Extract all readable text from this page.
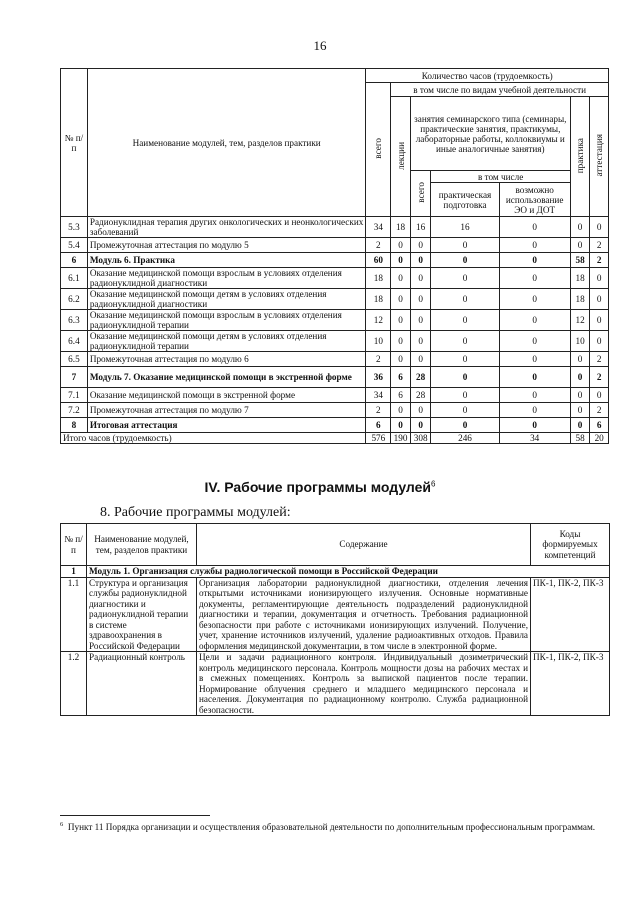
16
№ п/п	Наименование модулей, тем, разделов практики	Количество часов (трудоемкость)						
		всего	в том числе по видам учебной деятельности					
			лекции	занятия семинарского типа (семинары, практические занятия, практикумы, лабораторные работы, коллоквиумы и иные аналогичные занятия)			практика	аттестация
				всего	в том числе			
					практическая подготовка	возможно использование ЭО и ДОТ		
5.3	Радионуклидная терапия других онкологических и неонкологических заболеваний	34	18	16	16	0	0	0
5.4	Промежуточная аттестация по модулю 5	2	0	0	0	0	0	2
6	Модуль 6. Практика	60	0	0	0	0	58	2
6.1	Оказание медицинской помощи взрослым в условиях отделения радионуклидной диагностики	18	0	0	0	0	18	0
6.2	Оказание медицинской помощи детям в условиях отделения радионуклидной диагностики	18	0	0	0	0	18	0
6.3	Оказание медицинской помощи взрослым в условиях отделения радионуклидной терапии	12	0	0	0	0	12	0
6.4	Оказание медицинской помощи детям в условиях отделения радионуклидной терапии	10	0	0	0	0	10	0
6.5	Промежуточная аттестация по модулю 6	2	0	0	0	0	0	2
7	Модуль 7. Оказание медицинской помощи в экстренной форме	36	6	28	0	0	0	2
7.1	Оказание медицинской помощи в экстренной форме	34	6	28	0	0	0	0
7.2	Промежуточная аттестация по модулю 7	2	0	0	0	0	0	2
8	Итоговая аттестация	6	0	0	0	0	0	6
Итого часов (трудоемкость)		576	190	308	246	34	58	20
IV. Рабочие программы модулей$^6$
8. Рабочие программы модулей:
№ п/п	Наименование модулей, тем, разделов практики	Содержание	Коды формируемых компетенций
1	Модуль 1. Организация службы радиологической помощи в Российской Федерации		
1.1	Структура и организация службы радионуклидной диагностики и радионуклидной терапии в системе здравоохранения в Российской Федерации	Организация лаборатории радионуклидной диагностики, отделения лечения открытыми источниками ионизирующего излучения. Основные нормативные документы, регламентирующие деятельность подразделений радионуклидной диагностики и терапии, документация и отчетность. Требования радиационной безопасности при работе с источниками ионизирующих излучений. Получение, учет, хранение источников излучений, удаление радиоактивных отходов. Правила оформления медицинской документации, в том числе в электронной форме.	ПК-1, ПК-2, ПК-3
1.2	Радиационный контроль	Цели и задачи радиационного контроля. Индивидуальный дозиметрический контроль медицинского персонала. Контроль мощности дозы на рабочих местах и в смежных помещениях. Контроль за выпиской пациентов после терапии. Нормирование облучения среднего и младшего медицинского персонала и населения. Документация по радиационному контролю. Служба радиационной безопасности.	ПК-1, ПК-2, ПК-3
$^6$ Пункт 11 Порядка организации и осуществления образовательной деятельности по дополнительным профессиональным программам.
